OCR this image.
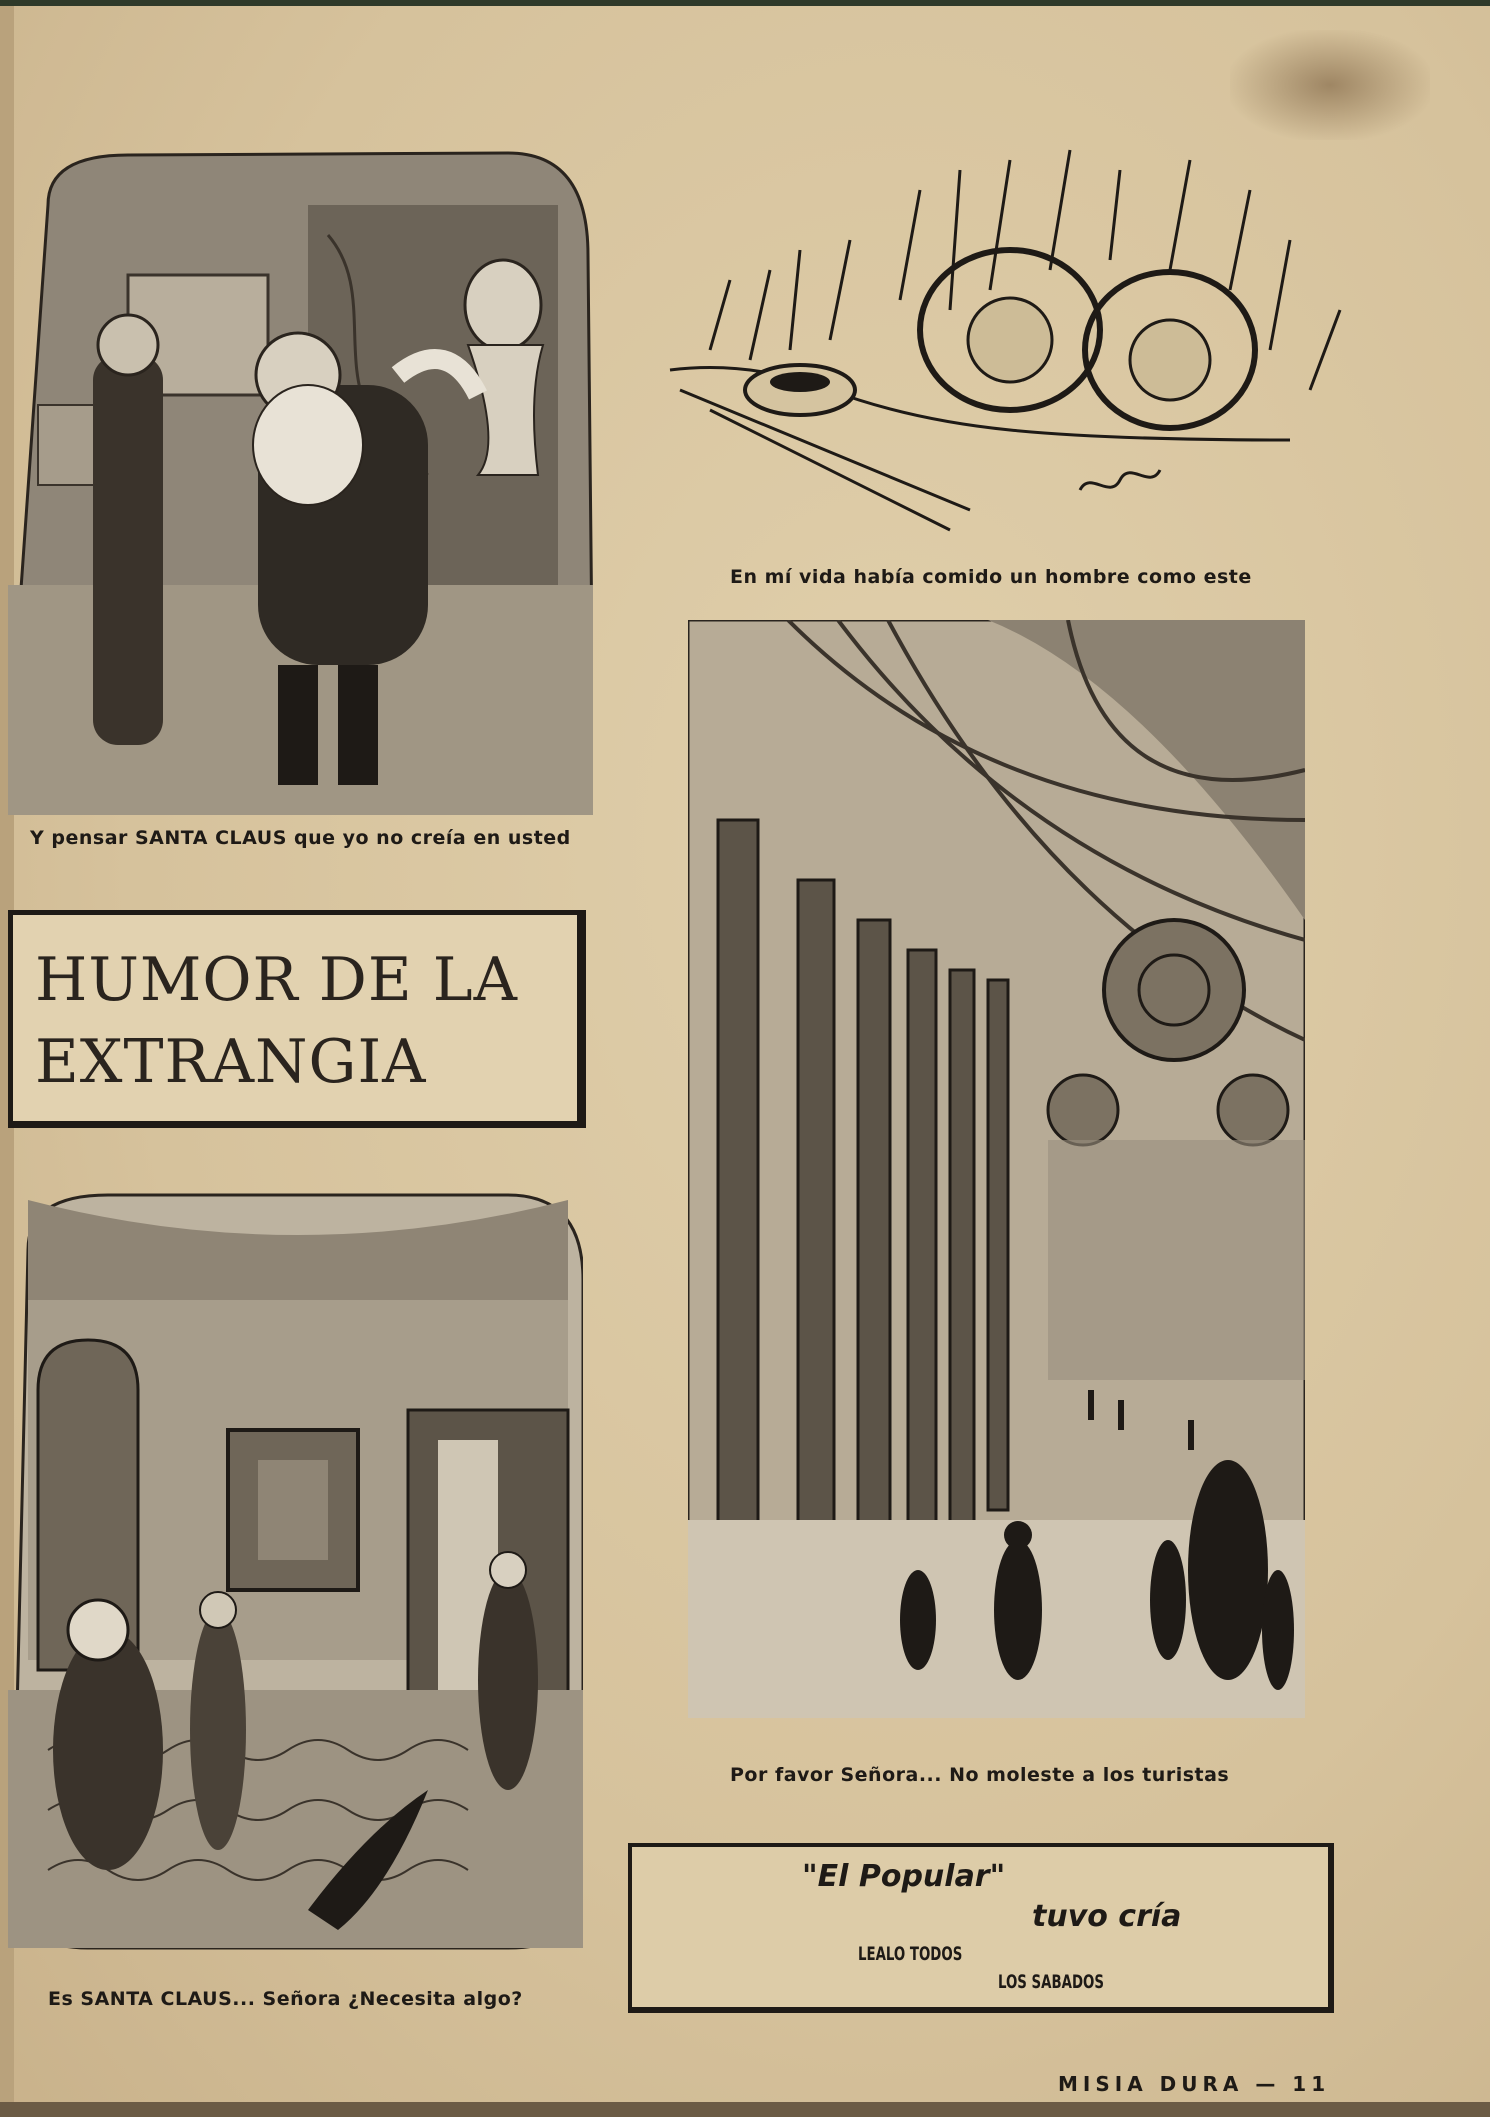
Y pensar SANTA CLAUS que yo no creía en usted
En mí vida había comido un hombre como este
HUMOR DE LA
EXTRANGIA
Por favor Señora... No moleste a los turistas
Es SANTA CLAUS... Señora ¿Necesita algo?
"El Popular"
tuvo cría
LEALO TODOS
LOS SABADOS
MISIA DURA — 11
